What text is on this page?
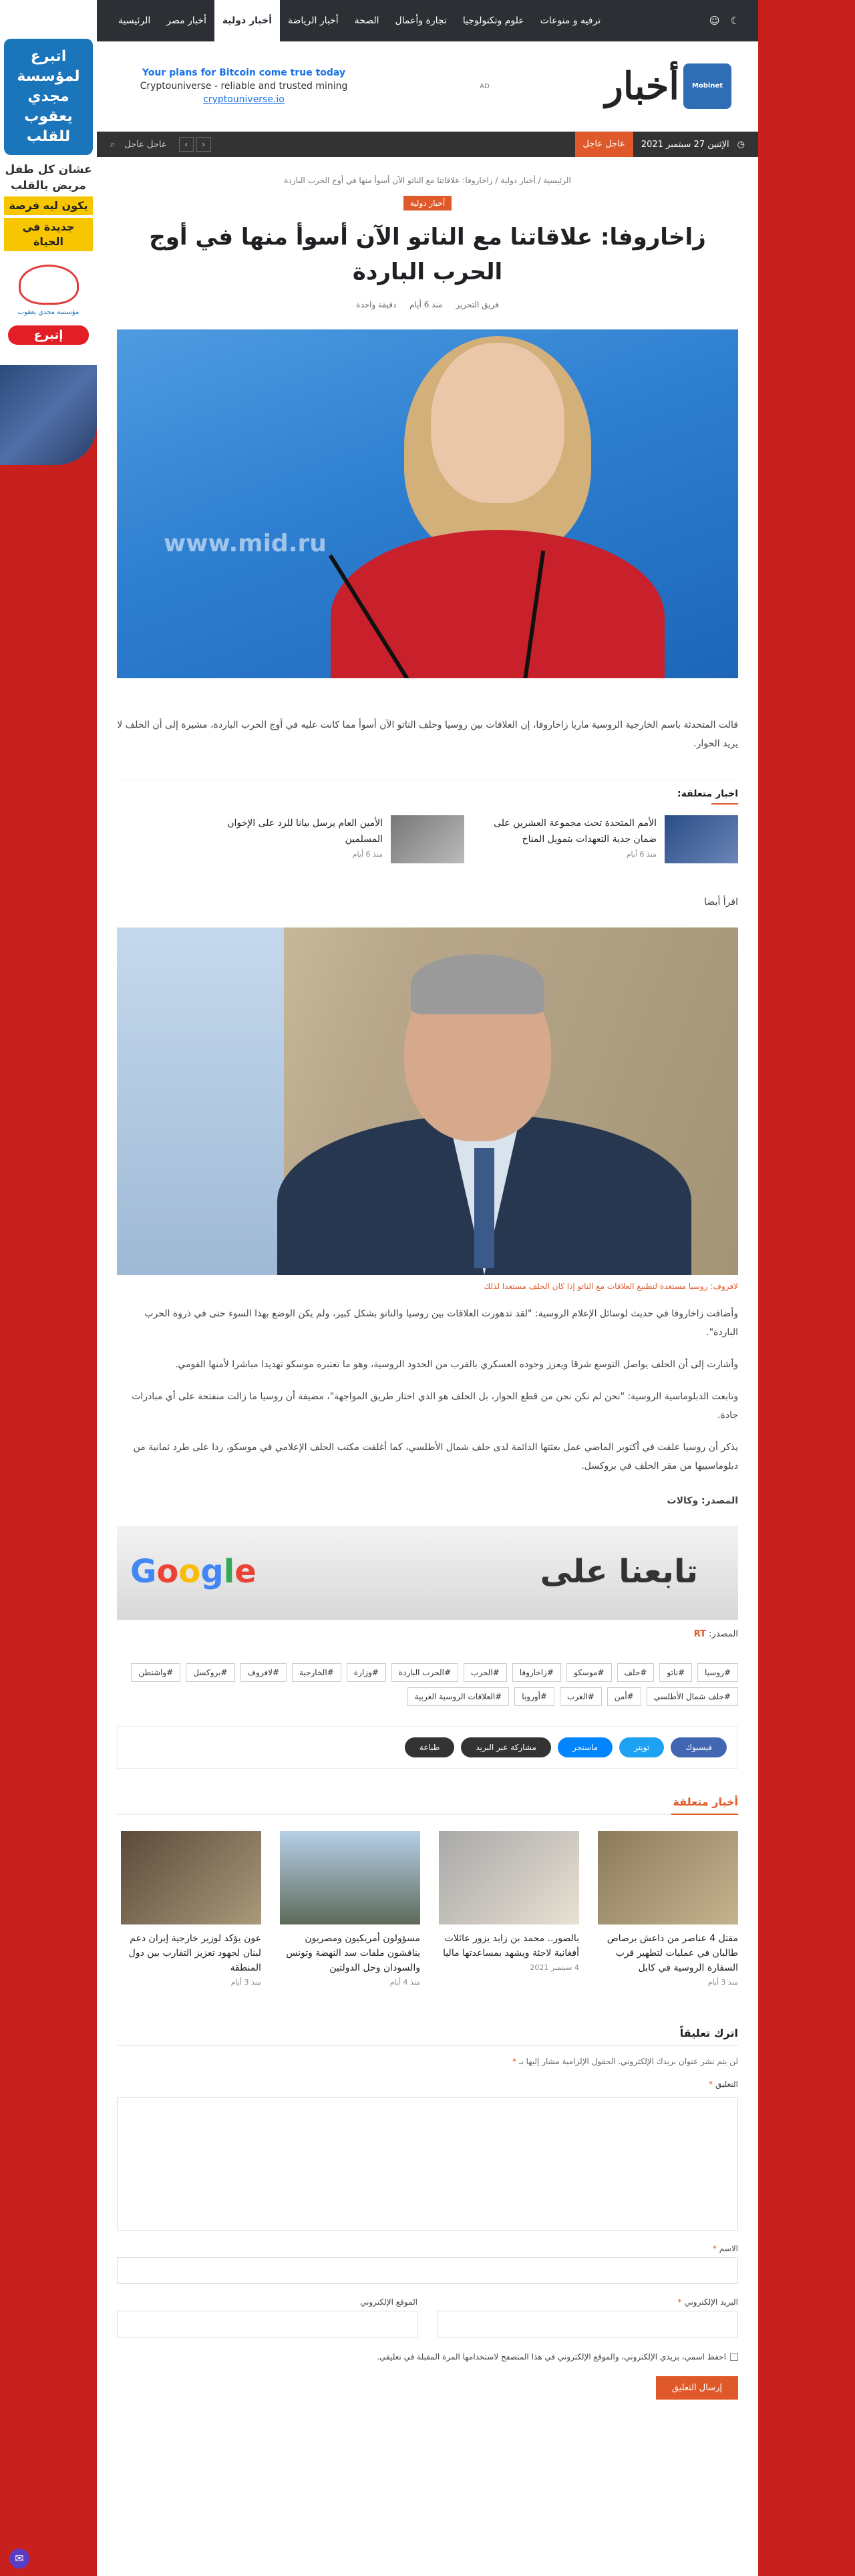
اتبرع لمؤسسة مجدي يعقوب للقلب
عشان كل طفل مريض بالقلب
يكون ليه فرصة
جديدة في الحياة
مؤسسة مجدي يعقوب
إتبرع
✉
الرئيسية	أخبار مصر	أخبار دولية	أخبار الرياضة	الصحة	تجارة وأعمال	علوم وتكنولوجيا	ترفيه و منوعات	☺	☾
Your plans for Bitcoin come true today
Cryptouniverse - reliable and trusted mining
cryptouniverse.io
AD	أخبار	Mobinet
⌕ عاجل عاجل	‹ ›	عاجل عاجل	الإثنين 27 سبتمبر 2021 ◷
الرئيسية / أخبار دولية / زاخاروفا: علاقاتنا مع الناتو الآن أسوأ منها في أوج الحرب الباردة
أخبار دولية
زاخاروفا: علاقاتنا مع الناتو الآن أسوأ منها في أوج الحرب الباردة
فريق التحرير منذ 6 أيام دقيقة واحدة
www.mid.ru

قالت المتحدثة باسم الخارجية الروسية ماريا زاخاروفا، إن العلاقات بين روسيا وحلف الناتو الآن أسوأ مما كانت عليه في أوج الحرب الباردة، مشيرة إلى أن الحلف لا يريد الحوار.

اخبار متعلقة:
الأمم المتحدة تحث مجموعة العشرين على ضمان جدية التعهدات بتمويل المناخ
منذ 6 أيام
الأمين العام يرسل بيانا للرد على الإخوان المسلمين
منذ 6 أيام
اقرأ أيضا
لافروف: روسيا مستعدة لتطبيع العلاقات مع الناتو إذا كان الحلف مستعدا لذلك

وأضافت زاخاروفا في حديث لوسائل الإعلام الروسية: "لقد تدهورت العلاقات بين روسيا والناتو بشكل كبير، ولم يكن الوضع بهذا السوء حتى في ذروة الحرب الباردة".

وأشارت إلى أن الحلف يواصل التوسع شرقا ويعزز وجوده العسكري بالقرب من الحدود الروسية، وهو ما تعتبره موسكو تهديدا مباشرا لأمنها القومي.

وتابعت الدبلوماسية الروسية: "نحن لم نكن نحن من قطع الحوار، بل الحلف هو الذي اختار طريق المواجهة"، مضيفة أن روسيا ما زالت منفتحة على أي مبادرات جادة.

يذكر أن روسيا علقت في أكتوبر الماضي عمل بعثتها الدائمة لدى حلف شمال الأطلسي، كما أغلقت مكتب الحلف الإعلامي في موسكو، ردا على طرد ثمانية من دبلوماسييها من مقر الحلف في بروكسل.

المصدر: وكالات
تابعنا على
Google
المصدر: RT
#روسيا
#ناتو
#حلف
#موسكو
#زاخاروفا
#الحرب
#الحرب الباردة
#وزارة
#الخارجية
#لافروف
#بروكسل
#واشنطن
#حلف شمال الأطلسي
#أمن
#الغرب
#أوروبا
#العلاقات الروسية الغربية
فيسبوك
تويتر
ماسنجر
مشاركة عبر البريد
طباعة
أخبار متعلقة
مقتل 4 عناصر من داعش برصاص طالبان في عمليات لتطهير قرب السفارة الروسية في كابل
منذ 3 أيام
بالصور.. محمد بن زايد يزور عائلات أفغانية لاجئة ويشهد بمساعدتها ماليا
4 سبتمبر 2021
مسؤولون أمريكيون ومصريون يناقشون ملفات سد النهضة وتونس والسودان وحل الدولتين
منذ 4 أيام
عون يؤكد لوزير خارجية إيران دعم لبنان لجهود تعزيز التقارب بين دول المنطقة
منذ 3 أيام
اترك تعليقاً
لن يتم نشر عنوان بريدك الإلكتروني. الحقول الإلزامية مشار إليها بـ *
التعليق *
الاسم *
البريد الإلكتروني *
الموقع الإلكتروني
احفظ اسمي، بريدي الإلكتروني، والموقع الإلكتروني في هذا المتصفح لاستخدامها المرة المقبلة في تعليقي.
إرسال التعليق
